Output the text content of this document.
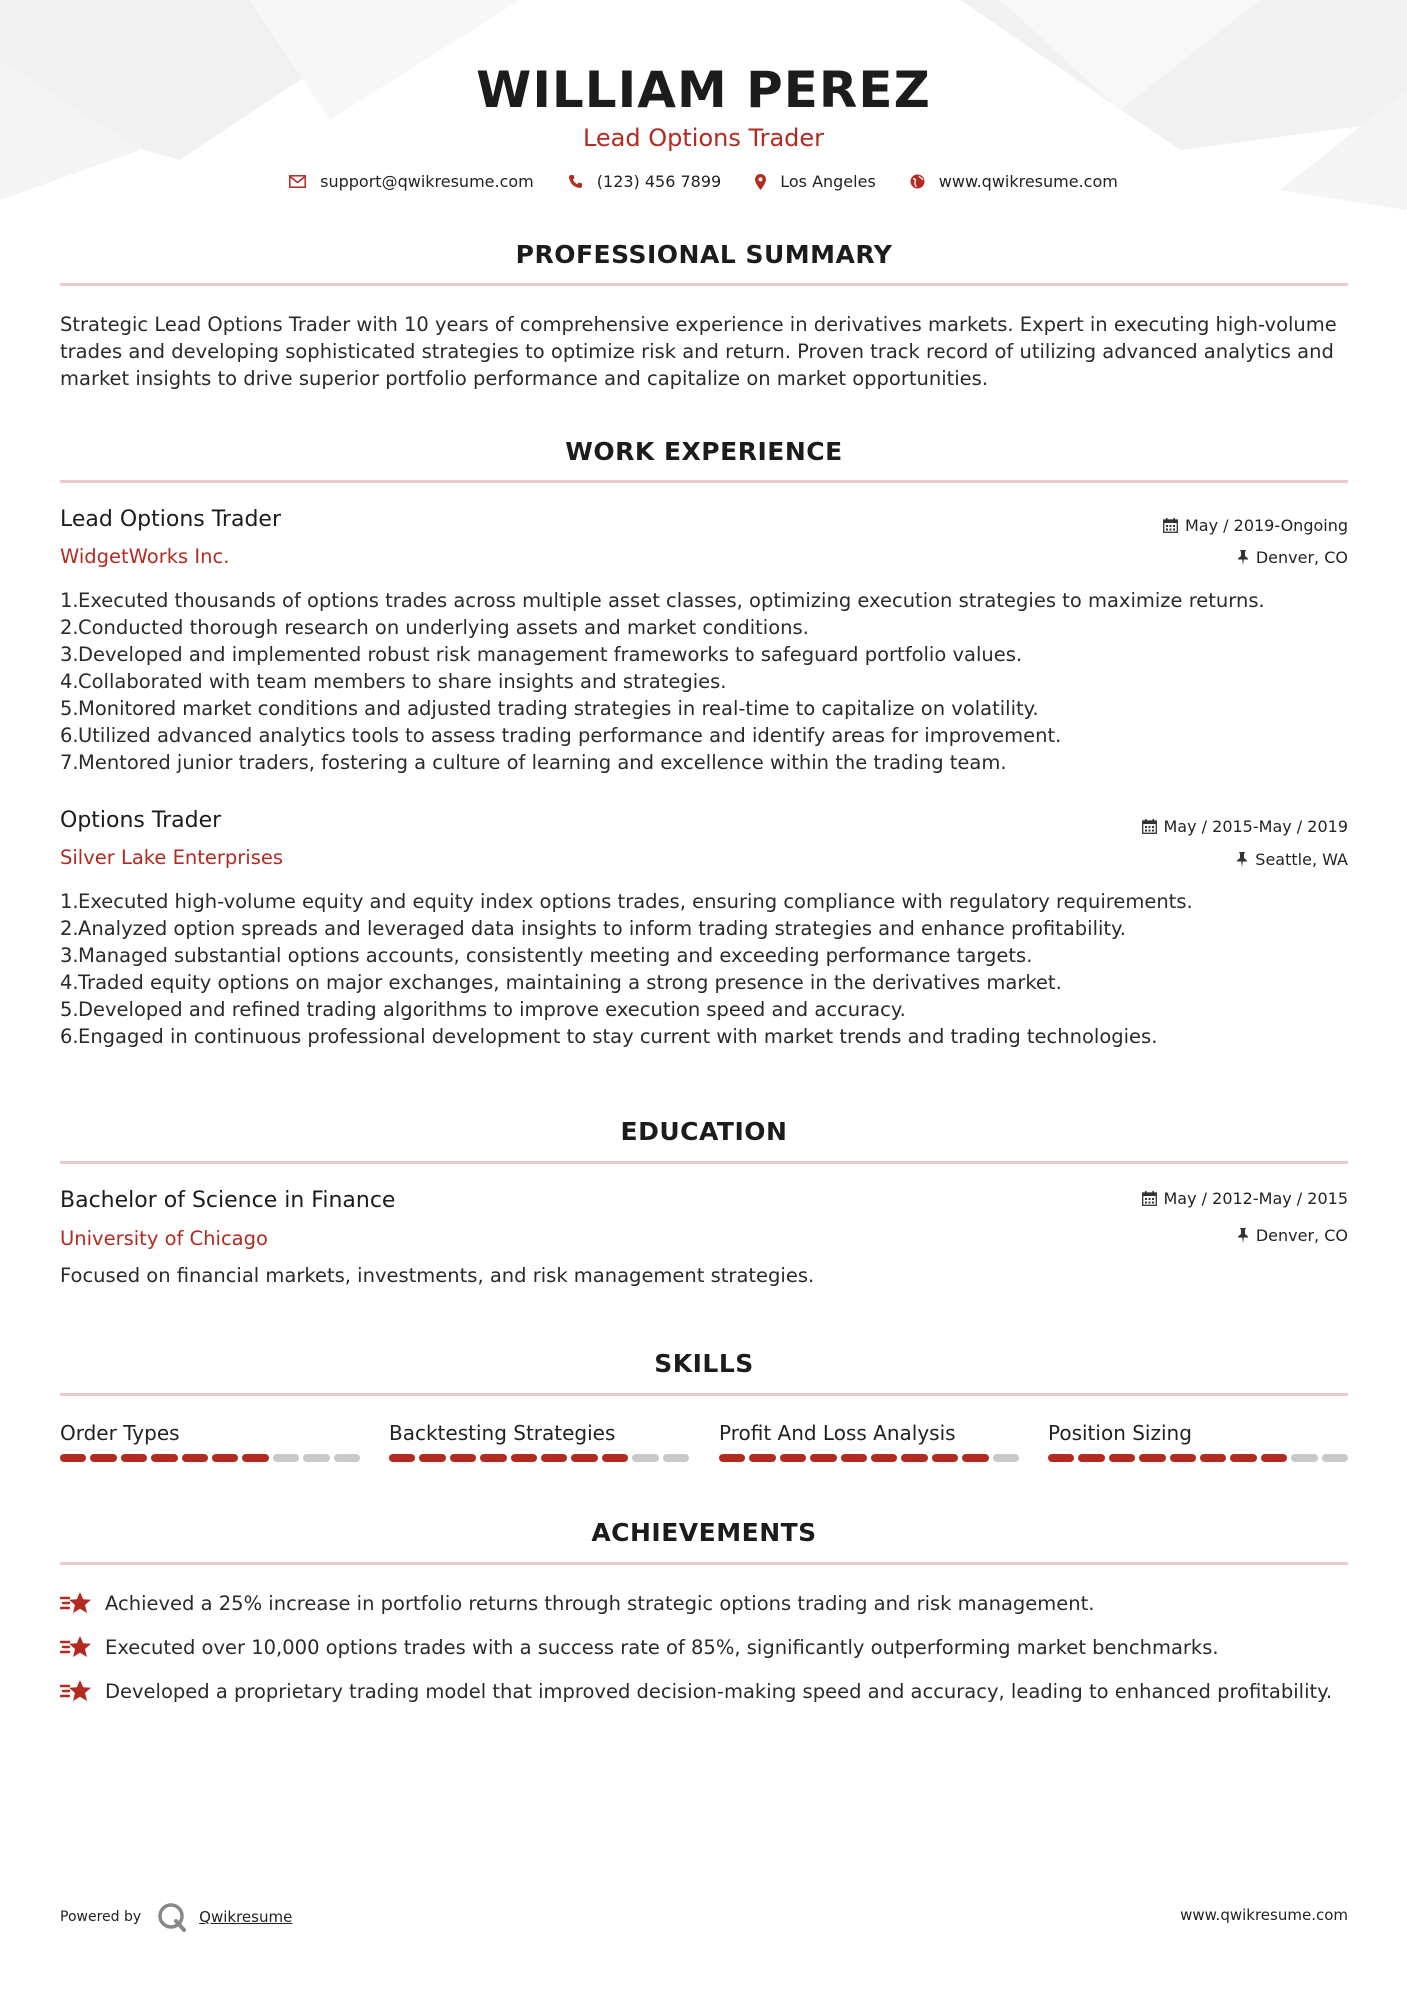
WILLIAM PEREZ
Lead Options Trader
support@qwikresume.com	(123) 456 7899	Los Angeles	www.qwikresume.com
PROFESSIONAL SUMMARY
Strategic Lead Options Trader with 10 years of comprehensive experience in derivatives markets. Expert in executing high-volume trades and developing sophisticated strategies to optimize risk and return. Proven track record of utilizing advanced analytics and market insights to drive superior portfolio performance and capitalize on market opportunities.
WORK EXPERIENCE
Lead Options Trader
WidgetWorks Inc.
May / 2019-Ongoing
Denver, CO
1. Executed thousands of options trades across multiple asset classes, optimizing execution strategies to maximize returns.
2. Conducted thorough research on underlying assets and market conditions.
3. Developed and implemented robust risk management frameworks to safeguard portfolio values.
4. Collaborated with team members to share insights and strategies.
5. Monitored market conditions and adjusted trading strategies in real-time to capitalize on volatility.
6. Utilized advanced analytics tools to assess trading performance and identify areas for improvement.
7. Mentored junior traders, fostering a culture of learning and excellence within the trading team.
Options Trader
Silver Lake Enterprises
May / 2015-May / 2019
Seattle, WA
1. Executed high-volume equity and equity index options trades, ensuring compliance with regulatory requirements.
2. Analyzed option spreads and leveraged data insights to inform trading strategies and enhance profitability.
3. Managed substantial options accounts, consistently meeting and exceeding performance targets.
4. Traded equity options on major exchanges, maintaining a strong presence in the derivatives market.
5. Developed and refined trading algorithms to improve execution speed and accuracy.
6. Engaged in continuous professional development to stay current with market trends and trading technologies.
EDUCATION
Bachelor of Science in Finance
University of Chicago
May / 2012-May / 2015
Denver, CO
Focused on financial markets, investments, and risk management strategies.
SKILLS
Order Types	Backtesting Strategies	Profit And Loss Analysis	Position Sizing
ACHIEVEMENTS
Achieved a 25% increase in portfolio returns through strategic options trading and risk management.
Executed over 10,000 options trades with a success rate of 85%, significantly outperforming market benchmarks.
Developed a proprietary trading model that improved decision-making speed and accuracy, leading to enhanced profitability.
Powered by	Qwikresume	www.qwikresume.com
